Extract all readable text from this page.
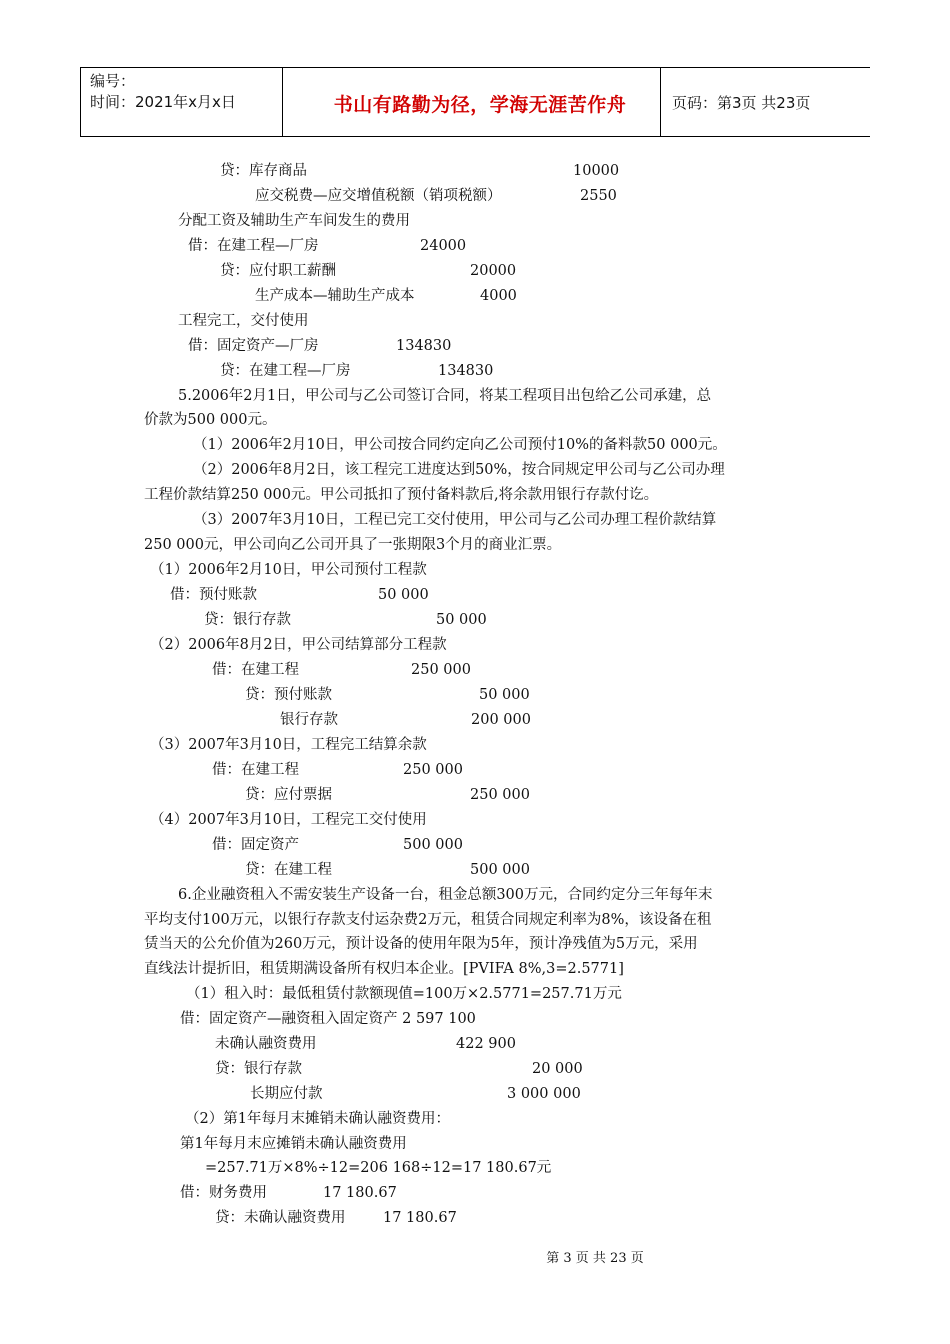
编号：
时间：2021年x月x日	书山有路勤为径，学海无涯苦作舟	页码：第3页 共23页
贷：库存商品	10000
应交税费—应交增值税额（销项税额）	2550
分配工资及辅助生产车间发生的费用
借：在建工程—厂房	24000
贷：应付职工薪酬	20000
生产成本—辅助生产成本	4000
工程完工，交付使用
借：固定资产—厂房	134830
贷：在建工程—厂房	134830
5.2006年2月1日，甲公司与乙公司签订合同，将某工程项目出包给乙公司承建，总
价款为500 000元。
（1）2006年2月10日，甲公司按合同约定向乙公司预付10%的备料款50 000元。
（2）2006年8月2日，该工程完工进度达到50%，按合同规定甲公司与乙公司办理
工程价款结算250 000元。甲公司抵扣了预付备料款后,将余款用银行存款付讫。
（3）2007年3月10日，工程已完工交付使用，甲公司与乙公司办理工程价款结算
250 000元，甲公司向乙公司开具了一张期限3个月的商业汇票。
（1）2006年2月10日，甲公司预付工程款
借：预付账款	50 000
贷：银行存款	50 000
（2）2006年8月2日，甲公司结算部分工程款
借：在建工程	250 000
贷：预付账款	50 000
银行存款	200 000
（3）2007年3月10日，工程完工结算余款
借：在建工程	250 000
贷：应付票据	250 000
（4）2007年3月10日，工程完工交付使用
借：固定资产	500 000
贷：在建工程	500 000
6.企业融资租入不需安装生产设备一台，租金总额300万元，合同约定分三年每年末
平均支付100万元，以银行存款支付运杂费2万元，租赁合同规定利率为8%，该设备在租
赁当天的公允价值为260万元，预计设备的使用年限为5年，预计净残值为5万元，采用
直线法计提折旧，租赁期满设备所有权归本企业。[PVIFA 8%,3=2.5771]
（1）租入时：最低租赁付款额现值=100万×2.5771=257.71万元
借：固定资产—融资租入固定资产 2 597 100
未确认融资费用	422 900
贷：银行存款	20 000
长期应付款	3 000 000
（2）第1年每月末摊销未确认融资费用：
第1年每月末应摊销未确认融资费用
=257.71万×8%÷12=206 168÷12=17 180.67元
借：财务费用	17 180.67
贷：未确认融资费用	17 180.67
第 3 页 共 23 页
